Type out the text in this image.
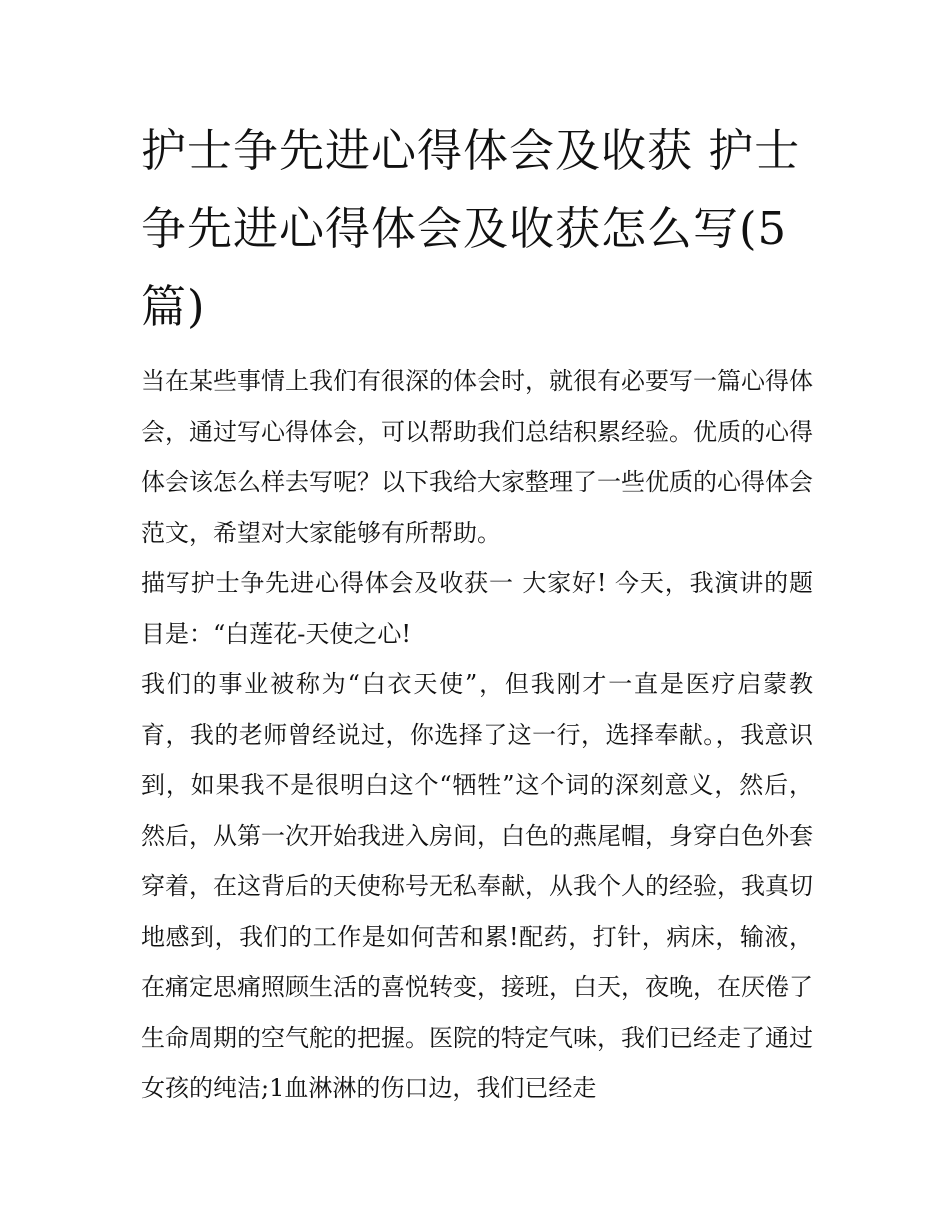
护士争先进心得体会及收获 护士争先进心得体会及收获怎么写(5篇)

当在某些事情上我们有很深的体会时，就很有必要写一篇心得体会，通过写心得体会，可以帮助我们总结积累经验。优质的心得体会该怎么样去写呢？以下我给大家整理了一些优质的心得体会范文，希望对大家能够有所帮助。

描写护士争先进心得体会及收获一 大家好! 今天，我演讲的题目是：“白莲花-天使之心!

我们的事业被称为“白衣天使”，但我刚才一直是医疗启蒙教育，我的老师曾经说过，你选择了这一行，选择奉献。，我意识到，如果我不是很明白这个“牺牲”这个词的深刻意义，然后，然后，从第一次开始我进入房间，白色的燕尾帽，身穿白色外套穿着，在这背后的天使称号无私奉献，从我个人的经验，我真切地感到，我们的工作是如何苦和累!配药，打针，病床，输液，在痛定思痛照顾生活的喜悦转变，接班，白天，夜晚，在厌倦了生命周期的空气舵的把握。医院的特定气味，我们已经走了通过女孩的纯洁;1血淋淋的伤口边，我们已经走
